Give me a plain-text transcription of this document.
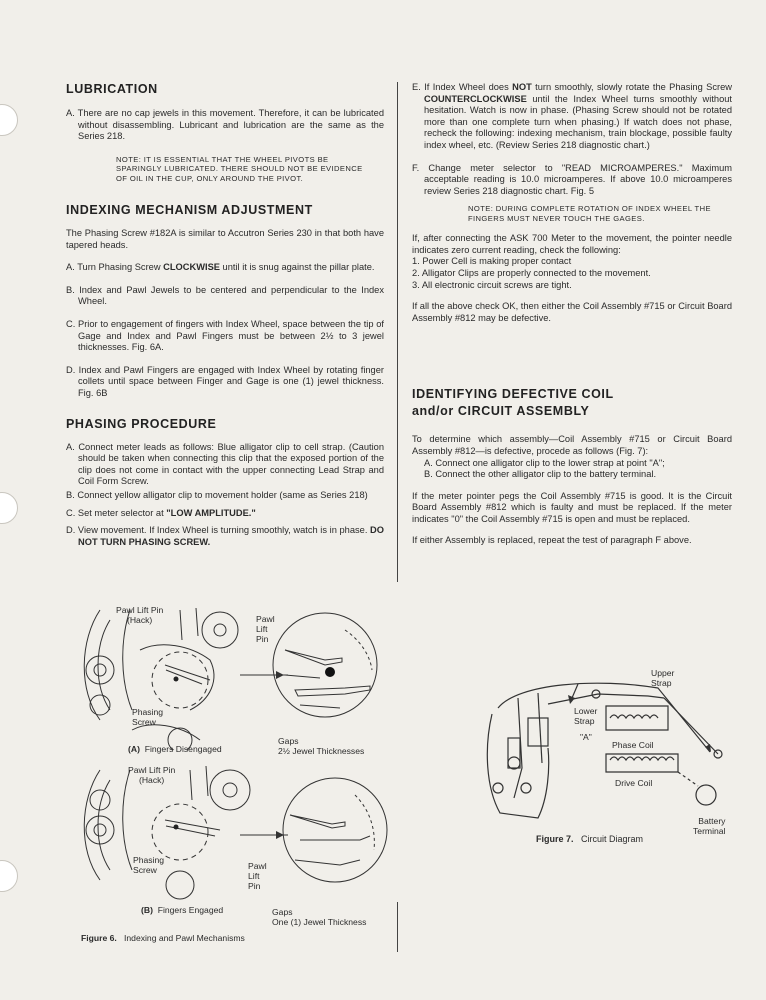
LUBRICATION

A. There are no cap jewels in this movement. Therefore, it can be lubricated without disassembling. Lubricant and lubrication are the same as the Series 218.

NOTE: IT IS ESSENTIAL THAT THE WHEEL PIVOTS BE SPARINGLY LUBRICATED. THERE SHOULD NOT BE EVIDENCE OF OIL IN THE CUP, ONLY AROUND THE PIVOT.

INDEXING MECHANISM ADJUSTMENT

The Phasing Screw #182A is similar to Accutron Series 230 in that both have tapered heads.

A. Turn Phasing Screw CLOCKWISE until it is snug against the pillar plate.

B. Index and Pawl Jewels to be centered and perpendicular to the Index Wheel.

C. Prior to engagement of fingers with Index Wheel, space between the tip of Gage and Index and Pawl Fingers must be between 2½ to 3 jewel thicknesses. Fig. 6A.

D. Index and Pawl Fingers are engaged with Index Wheel by rotating finger collets until space between Finger and Gage is one (1) jewel thickness. Fig. 6B

PHASING PROCEDURE

A. Connect meter leads as follows: Blue alligator clip to cell strap. (Caution should be taken when connecting this clip that the exposed portion of the clip does not come in contact with the upper connecting Lead Strap and Coil Form Screw.

B. Connect yellow alligator clip to movement holder (same as Series 218)

C. Set meter selector at "LOW AMPLITUDE."

D. View movement. If Index Wheel is turning smoothly, watch is in phase. DO NOT TURN PHASING SCREW.

E. If Index Wheel does NOT turn smoothly, slowly rotate the Phasing Screw COUNTERCLOCKWISE until the Index Wheel turns smoothly without hesitation. Watch is now in phase. (Phasing Screw should not be rotated more than one complete turn when phasing.) If watch does not phase, recheck the following: indexing mechanism, train blockage, possible faulty index wheel, etc. (Review Series 218 diagnostic chart.)

F. Change meter selector to "READ MICROAMPERES." Maximum acceptable reading is 10.0 microamperes. If above 10.0 microamperes review Series 218 diagnostic chart. Fig. 5

NOTE: DURING COMPLETE ROTATION OF INDEX WHEEL THE FINGERS MUST NEVER TOUCH THE GAGES.

If, after connecting the ASK 700 Meter to the movement, the pointer needle indicates zero current reading, check the following:

1. Power Cell is making proper contact

2. Alligator Clips are properly connected to the movement.

3. All electronic circuit screws are tight.

If all the above check OK, then either the Coil Assembly #715 or Circuit Board Assembly #812 may be defective.

IDENTIFYING DEFECTIVE COIL
and/or CIRCUIT ASSEMBLY

To determine which assembly—Coil Assembly #715 or Circuit Board Assembly #812—is defective, procede as follows (Fig. 7):

A. Connect one alligator clip to the lower strap at point "A";

B. Connect the other alligator clip to the battery terminal.

If the meter pointer pegs the Coil Assembly #715 is good. It is the Circuit Board Assembly #812 which is faulty and must be replaced. If the meter indicates "0" the Coil Assembly #715 is open and must be replaced.

If either Assembly is replaced, repeat the test of paragraph F above.

Pawl Lift Pin
(Hack)	Pawl
Lift
Pin
Phasing
Screw
(A) Fingers Disengaged
Gaps
2½ Jewel Thicknesses
Pawl Lift Pin
(Hack)
Phasing
Screw	Pawl
Lift
Pin
(B) Fingers Engaged	Gaps
One (1) Jewel Thickness
Figure 6. Indexing and Pawl Mechanisms
Upper
Strap
Lower
Strap
"A"
Phase Coil
Drive Coil
Battery
Terminal
Figure 7. Circuit Diagram
